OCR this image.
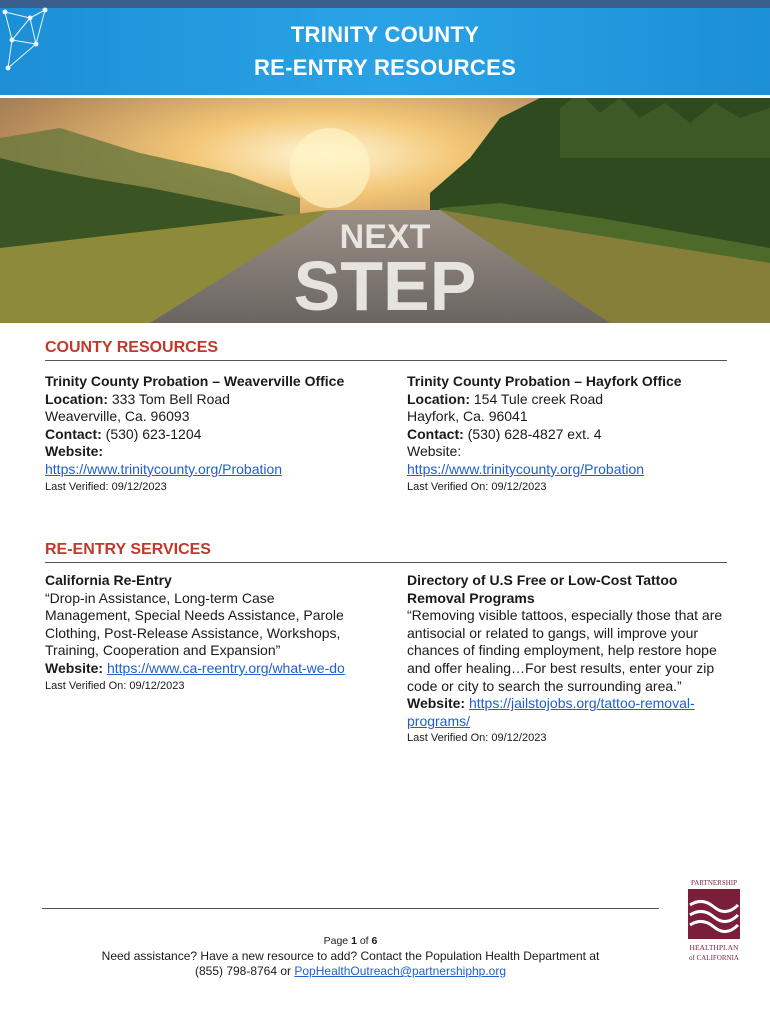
TRINITY COUNTY
RE-ENTRY RESOURCES
NEXT
STEP
COUNTY RESOURCES
Trinity County Probation – Weaverville Office
Location: 333 Tom Bell Road
Weaverville, Ca. 96093
Contact: (530) 623-1204
Website:
https://www.trinitycounty.org/Probation
Last Verified: 09/12/2023
Trinity County Probation – Hayfork Office
Location: 154 Tule creek Road
Hayfork, Ca. 96041
Contact: (530) 628-4827 ext. 4
Website:
https://www.trinitycounty.org/Probation
Last Verified On: 09/12/2023
RE-ENTRY SERVICES
California Re-Entry
“Drop-in Assistance, Long-term Case Management, Special Needs Assistance, Parole Clothing, Post-Release Assistance, Workshops, Training, Cooperation and Expansion”
Website: https://www.ca-reentry.org/what-we-do
Last Verified On: 09/12/2023
Directory of U.S Free or Low-Cost Tattoo Removal Programs
“Removing visible tattoos, especially those that are antisocial or related to gangs, will improve your chances of finding employment, help restore hope and offer healing…For best results, enter your zip code or city to search the surrounding area.”
Website: https://jailstojobs.org/tattoo-removal-programs/
Last Verified On: 09/12/2023
Page 1 of 6
Need assistance? Have a new resource to add? Contact the Population Health Department at
(855) 798-8764 or PopHealthOutreach@partnershiphp.org
PARTNERSHIP
HEALTHPLAN
of CALIFORNIA
